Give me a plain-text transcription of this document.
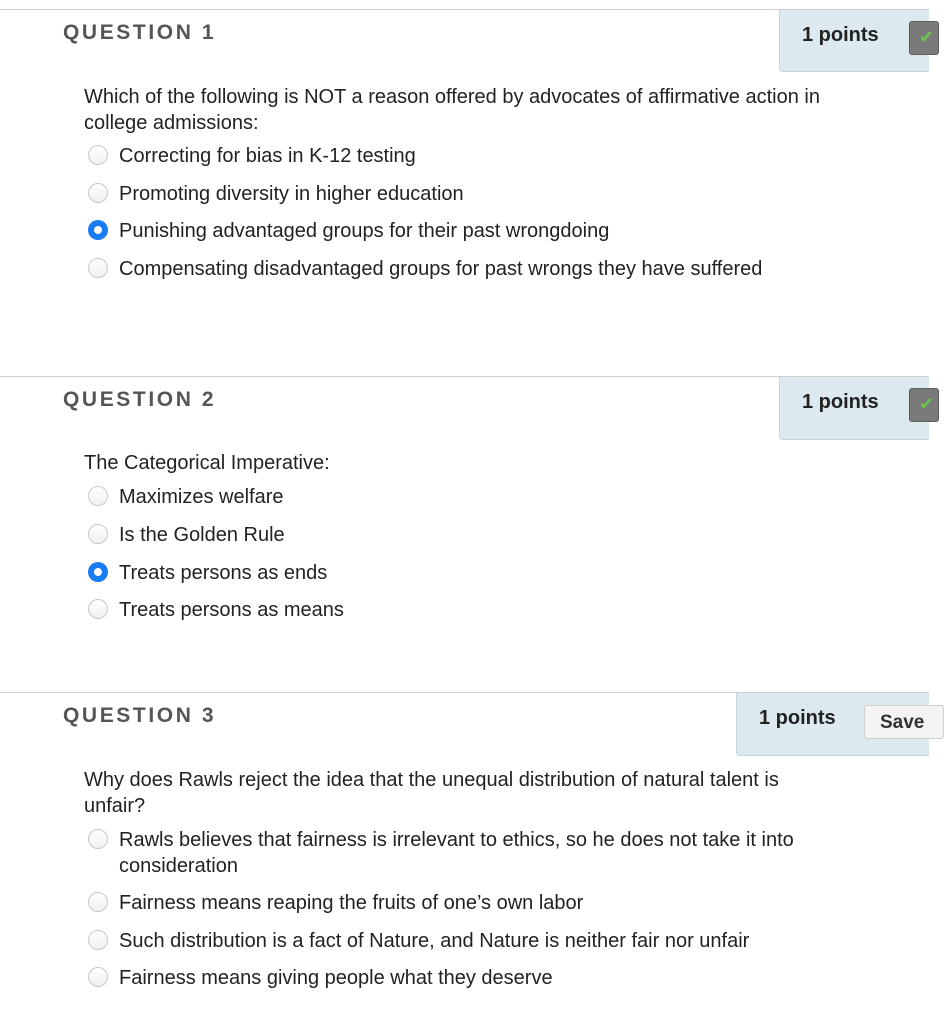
QUESTION 1	1 points ✔
Which of the following is NOT a reason offered by advocates of affirmative action in college admissions:
Correcting for bias in K-12 testing
Promoting diversity in higher education
Punishing advantaged groups for their past wrongdoing
Compensating disadvantaged groups for past wrongs they have suffered
QUESTION 2	1 points ✔
The Categorical Imperative:
Maximizes welfare
Is the Golden Rule
Treats persons as ends
Treats persons as means
QUESTION 3	1 points	Save
Why does Rawls reject the idea that the unequal distribution of natural talent is unfair?
Rawls believes that fairness is irrelevant to ethics, so he does not take it into consideration
Fairness means reaping the fruits of one’s own labor
Such distribution is a fact of Nature, and Nature is neither fair nor unfair
Fairness means giving people what they deserve
